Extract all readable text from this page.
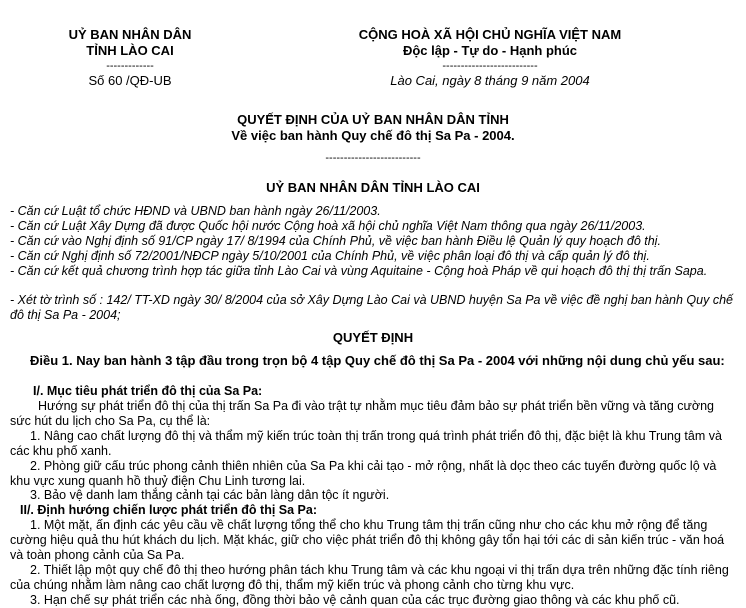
UỶ BAN NHÂN DÂN
TỈNH LÀO CAI
-------------
Số 60 /QĐ-UB
CỘNG HOÀ XÃ HỘI CHỦ NGHĨA VIỆT NAM
Độc lập - Tự do - Hạnh phúc
--------------------------
Lào Cai, ngày 8 tháng 9 năm 2004
QUYẾT ĐỊNH CỦA UỶ BAN NHÂN DÂN TỈNH
Về việc ban hành Quy chế đô thị Sa Pa - 2004.
--------------------------
UỶ BAN NHÂN DÂN TỈNH LÀO CAI
- Căn cứ Luật tổ chức HĐND và UBND ban hành ngày 26/11/2003.
- Căn cứ Luật Xây Dựng đã được Quốc hội nước Cộng hoà xã hội chủ nghĩa Việt Nam thông qua ngày 26/11/2003.
- Căn cứ vào Nghị định số 91/CP ngày 17/ 8/1994 của Chính Phủ, về việc ban hành Điều lệ Quản lý quy hoạch đô thị.
- Căn cứ Nghị định số 72/2001/NĐCP ngày 5/10/2001 của Chính Phủ, về việc phân loại đô thị và cấp quản lý đô thị.
- Căn cứ kết quả chương trình hợp tác giữa tỉnh Lào Cai và vùng Aquitaine - Cộng hoà Pháp về qui hoạch đô thị thị trấn Sapa.
- Xét tờ trình số : 142/ TT-XD ngày 30/ 8/2004 của sở Xây Dựng Lào Cai và UBND huyện Sa Pa về việc đề nghị ban hành Quy chế đô thị Sa Pa - 2004;
QUYẾT ĐỊNH
Điều 1. Nay ban hành 3 tập đầu trong trọn bộ 4 tập Quy chế đô thị Sa Pa - 2004 với những nội dung chủ yếu sau:
I/. Mục tiêu phát triển đô thị của Sa Pa:
Hướng sự phát triển đô thị của thị trấn Sa Pa đi vào trật tự nhằm mục tiêu đảm bảo sự phát triển bền vững và tăng cường sức hút du lịch cho Sa Pa, cụ thể là:
1. Nâng cao chất lượng đô thị và thẩm mỹ kiến trúc toàn thị trấn trong quá trình phát triển đô thị, đặc biệt là khu Trung tâm và các khu phố xanh.
2. Phòng giữ cấu trúc phong cảnh thiên nhiên của Sa Pa khi cải tạo - mở rộng, nhất là dọc theo các tuyến đường quốc lộ và khu vực xung quanh hồ thuỷ điện Chu Linh tương lai.
3. Bảo vệ danh lam thắng cảnh tại các bản làng dân tộc ít người.
II/. Định hướng chiến lược phát triển đô thị Sa Pa:
1. Một mặt, ấn định các yêu cầu về chất lượng tổng thể cho khu Trung tâm thị trấn cũng như cho các khu mở rộng để tăng cường hiệu quả thu hút khách du lịch. Mặt khác, giữ cho việc phát triển đô thị không gây tổn hại tới các di sản kiến trúc - văn hoá và toàn phong cảnh của Sa Pa.
2. Thiết lập một quy chế đô thị theo hướng phân tách khu Trung tâm và các khu ngoại vi thị trấn dựa trên những đặc tính riêng của chúng nhằm làm nâng cao chất lượng đô thị, thẩm mỹ kiến trúc và phong cảnh cho từng khu vực.
3. Hạn chế sự phát triển các nhà ống, đồng thời bảo vệ cảnh quan của các trục đường giao thông và các khu phố cũ.
